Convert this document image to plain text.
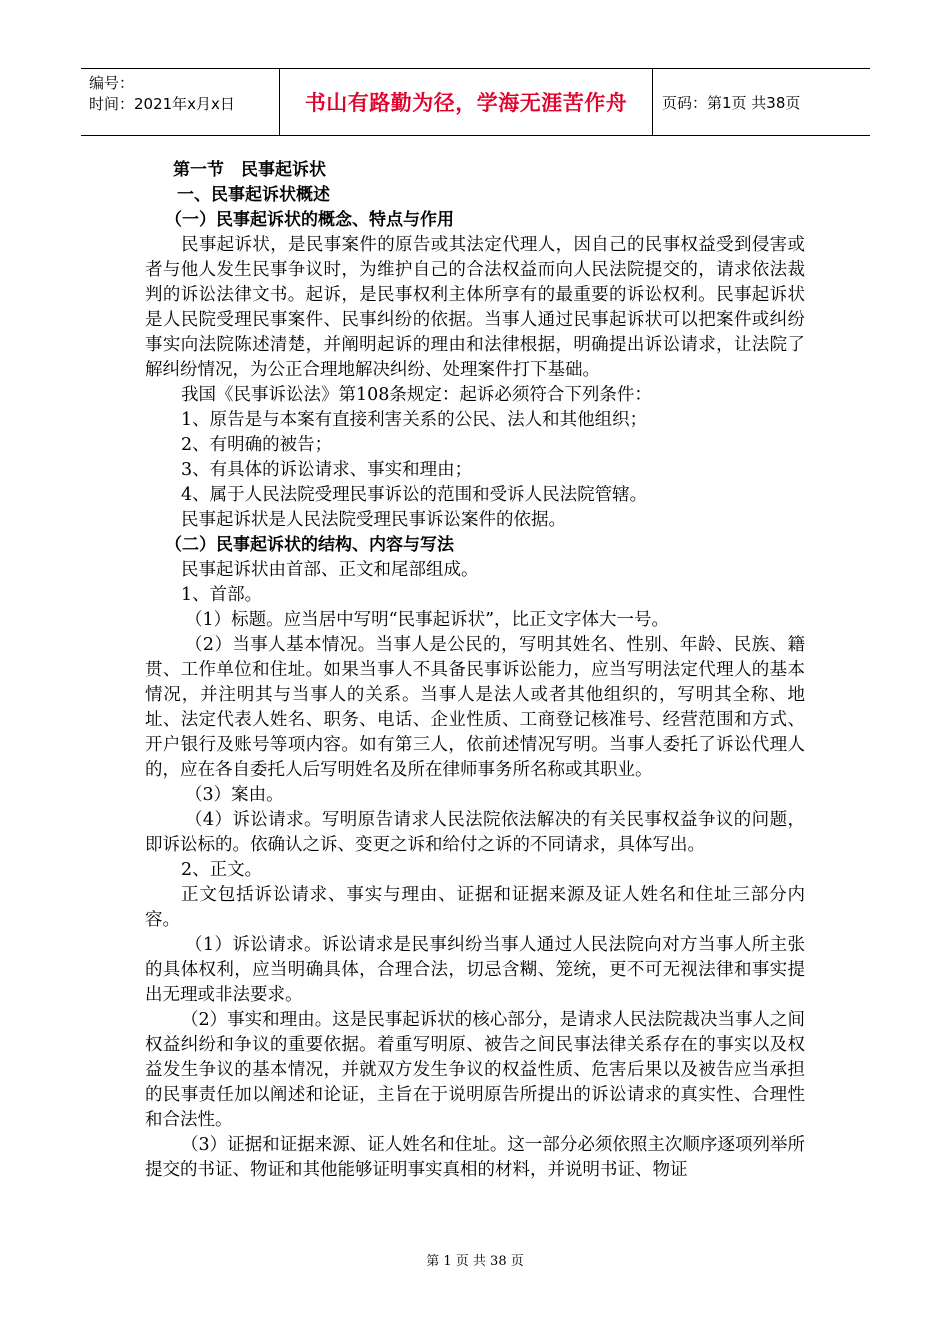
编号：
时间：2021年x月x日	书山有路勤为径，学海无涯苦作舟	页码：第1页 共38页

第一节　民事起诉状

一、民事起诉状概述

（一）民事起诉状的概念、特点与作用

民事起诉状，是民事案件的原告或其法定代理人，因自己的民事权益受到侵害或者与他人发生民事争议时，为维护自己的合法权益而向人民法院提交的，请求依法裁判的诉讼法律文书。起诉，是民事权利主体所享有的最重要的诉讼权利。民事起诉状是人民院受理民事案件、民事纠纷的依据。当事人通过民事起诉状可以把案件或纠纷事实向法院陈述清楚，并阐明起诉的理由和法律根据，明确提出诉讼请求，让法院了解纠纷情况，为公正合理地解决纠纷、处理案件打下基础。

我国《民事诉讼法》第108条规定：起诉必须符合下列条件：

1、原告是与本案有直接利害关系的公民、法人和其他组织；

2、有明确的被告；

3、有具体的诉讼请求、事实和理由；

4、属于人民法院受理民事诉讼的范围和受诉人民法院管辖。

民事起诉状是人民法院受理民事诉讼案件的依据。

（二）民事起诉状的结构、内容与写法

民事起诉状由首部、正文和尾部组成。

1、首部。

（1）标题。应当居中写明“民事起诉状”，比正文字体大一号。

（2）当事人基本情况。当事人是公民的，写明其姓名、性别、年龄、民族、籍贯、工作单位和住址。如果当事人不具备民事诉讼能力，应当写明法定代理人的基本情况，并注明其与当事人的关系。当事人是法人或者其他组织的，写明其全称、地址、法定代表人姓名、职务、电话、企业性质、工商登记核准号、经营范围和方式、开户银行及账号等项内容。如有第三人，依前述情况写明。当事人委托了诉讼代理人的，应在各自委托人后写明姓名及所在律师事务所名称或其职业。

（3）案由。

（4）诉讼请求。写明原告请求人民法院依法解决的有关民事权益争议的问题，即诉讼标的。依确认之诉、变更之诉和给付之诉的不同请求，具体写出。

2、正文。

正文包括诉讼请求、事实与理由、证据和证据来源及证人姓名和住址三部分内容。

（1）诉讼请求。诉讼请求是民事纠纷当事人通过人民法院向对方当事人所主张的具体权利，应当明确具体，合理合法，切忌含糊、笼统，更不可无视法律和事实提出无理或非法要求。

（2）事实和理由。这是民事起诉状的核心部分，是请求人民法院裁决当事人之间权益纠纷和争议的重要依据。着重写明原、被告之间民事法律关系存在的事实以及权益发生争议的基本情况，并就双方发生争议的权益性质、危害后果以及被告应当承担的民事责任加以阐述和论证，主旨在于说明原告所提出的诉讼请求的真实性、合理性和合法性。

（3）证据和证据来源、证人姓名和住址。这一部分必须依照主次顺序逐项列举所提交的书证、物证和其他能够证明事实真相的材料，并说明书证、物证

第 1 页 共 38 页
